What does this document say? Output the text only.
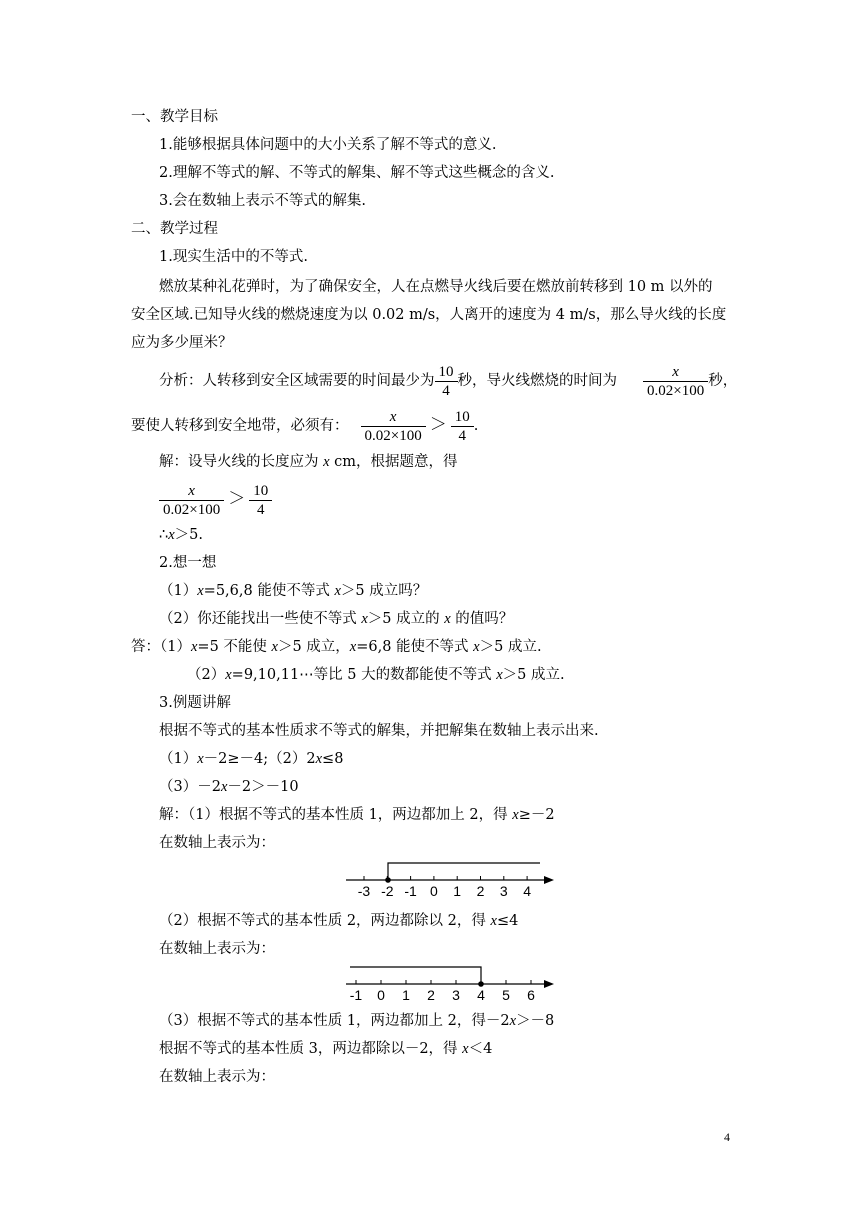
一、教学目标
1.能够根据具体问题中的大小关系了解不等式的意义.
2.理解不等式的解、不等式的解集、解不等式这些概念的含义.
3.会在数轴上表示不等式的解集.
二、教学过程
1.现实生活中的不等式.
燃放某种礼花弹时，为了确保安全，人在点燃导火线后要在燃放前转移到 10 m 以外的
安全区域.已知导火线的燃烧速度为以 0.02 m/s，人离开的速度为 4 m/s，那么导火线的长度
应为多少厘米？
分析：人转移到安全区域需要的时间最少为 $\frac{10}{4}$ 秒，导火线燃烧的时间为 $\frac{x}{0.02\times 100}$ 秒，
要使人转移到安全地带，必须有： $\frac{x}{0.02\times 100} > \frac{10}{4}$ .
解：设导火线的长度应为 x cm，根据题意，得
$\frac{x}{0.02\times 100} > \frac{10}{4}$
∴x＞5.
2.想一想
（1）x=5,6,8 能使不等式 x＞5 成立吗？
（2）你还能找出一些使不等式 x＞5 成立的 x 的值吗？
答：（1）x=5 不能使 x＞5 成立，x=6,8 能使不等式 x＞5 成立.
（2）x=9,10,11⋯等比 5 大的数都能使不等式 x＞5 成立.
3.例题讲解
根据不等式的基本性质求不等式的解集，并把解集在数轴上表示出来.
（1）x－2≥－4;（2）2x≤8
（3）－2x－2＞－10
解：（1）根据不等式的基本性质 1，两边都加上 2，得 x≥－2
在数轴上表示为：
-3 -2 -1 0 1 2 3 4
（2）根据不等式的基本性质 2，两边都除以 2，得 x≤4
在数轴上表示为：
-1 0 1 2 3 4 5 6
（3）根据不等式的基本性质 1，两边都加上 2，得－2x＞－8
根据不等式的基本性质 3，两边都除以－2，得 x＜4
在数轴上表示为：
4
